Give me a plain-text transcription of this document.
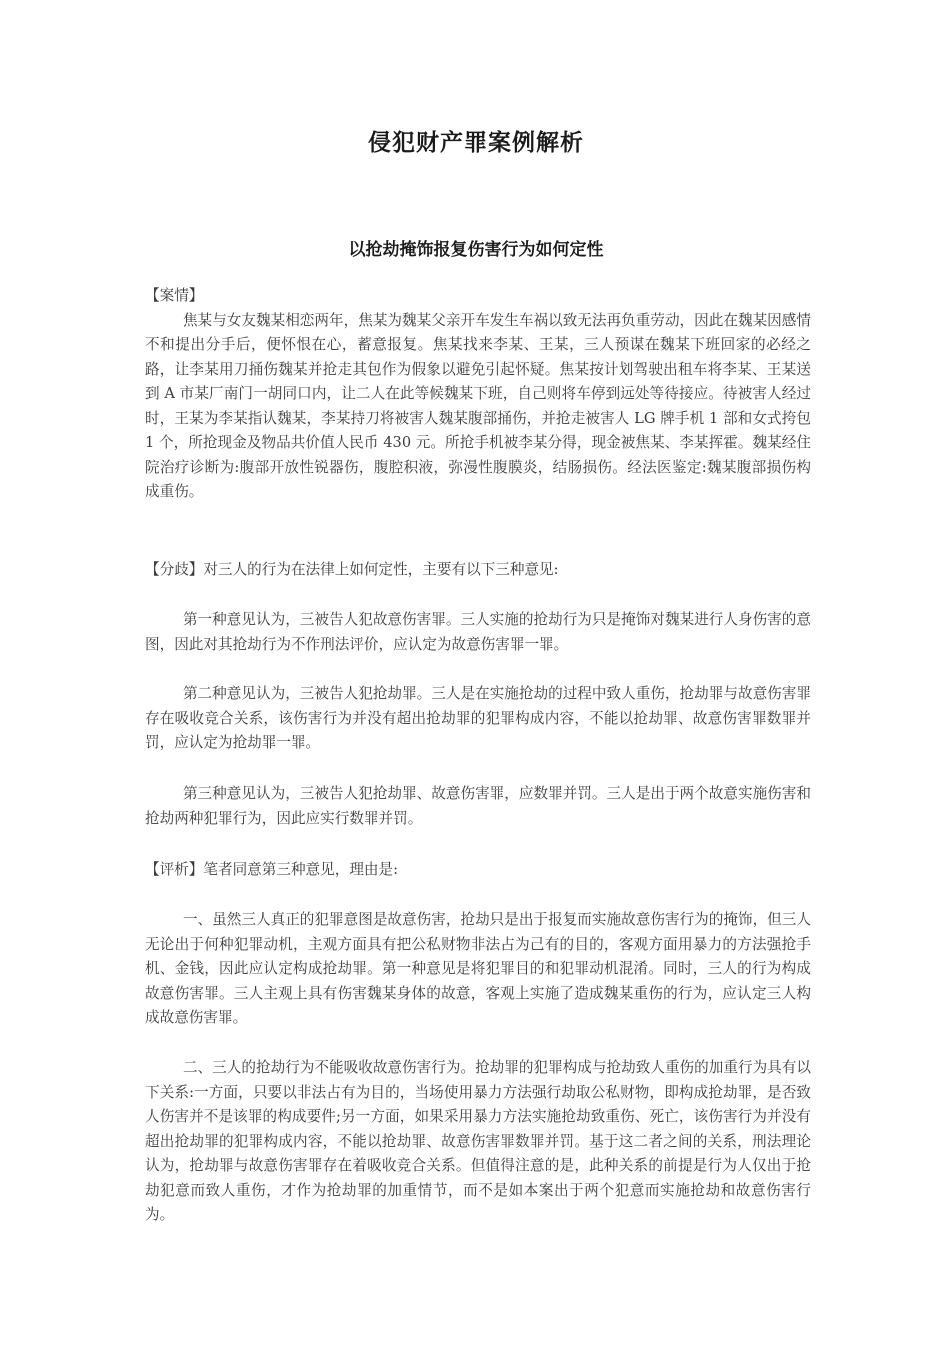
侵犯财产罪案例解析
以抢劫掩饰报复伤害行为如何定性
【案情】
焦某与女友魏某相恋两年，焦某为魏某父亲开车发生车祸以致无法再负重劳动，因此在魏某因感情不和提出分手后，便怀恨在心，蓄意报复。焦某找来李某、王某，三人预谋在魏某下班回家的必经之路，让李某用刀捅伤魏某并抢走其包作为假象以避免引起怀疑。焦某按计划驾驶出租车将李某、王某送到 A 市某厂南门一胡同口内，让二人在此等候魏某下班，自己则将车停到远处等待接应。待被害人经过时，王某为李某指认魏某，李某持刀将被害人魏某腹部捅伤，并抢走被害人 LG 牌手机 1 部和女式挎包 1 个，所抢现金及物品共价值人民币 430 元。所抢手机被李某分得，现金被焦某、李某挥霍。魏某经住院治疗诊断为:腹部开放性锐器伤，腹腔积液，弥漫性腹膜炎，结肠损伤。经法医鉴定:魏某腹部损伤构成重伤。
【分歧】对三人的行为在法律上如何定性，主要有以下三种意见:
第一种意见认为，三被告人犯故意伤害罪。三人实施的抢劫行为只是掩饰对魏某进行人身伤害的意图，因此对其抢劫行为不作刑法评价，应认定为故意伤害罪一罪。
第二种意见认为，三被告人犯抢劫罪。三人是在实施抢劫的过程中致人重伤，抢劫罪与故意伤害罪存在吸收竞合关系，该伤害行为并没有超出抢劫罪的犯罪构成内容，不能以抢劫罪、故意伤害罪数罪并罚，应认定为抢劫罪一罪。
第三种意见认为，三被告人犯抢劫罪、故意伤害罪，应数罪并罚。三人是出于两个故意实施伤害和抢劫两种犯罪行为，因此应实行数罪并罚。
【评析】笔者同意第三种意见，理由是:
一、虽然三人真正的犯罪意图是故意伤害，抢劫只是出于报复而实施故意伤害行为的掩饰，但三人无论出于何种犯罪动机，主观方面具有把公私财物非法占为己有的目的，客观方面用暴力的方法强抢手机、金钱，因此应认定构成抢劫罪。第一种意见是将犯罪目的和犯罪动机混淆。同时，三人的行为构成故意伤害罪。三人主观上具有伤害魏某身体的故意，客观上实施了造成魏某重伤的行为，应认定三人构成故意伤害罪。
二、三人的抢劫行为不能吸收故意伤害行为。抢劫罪的犯罪构成与抢劫致人重伤的加重行为具有以下关系:一方面，只要以非法占有为目的，当场使用暴力方法强行劫取公私财物，即构成抢劫罪，是否致人伤害并不是该罪的构成要件;另一方面，如果采用暴力方法实施抢劫致重伤、死亡，该伤害行为并没有超出抢劫罪的犯罪构成内容，不能以抢劫罪、故意伤害罪数罪并罚。基于这二者之间的关系，刑法理论认为，抢劫罪与故意伤害罪存在着吸收竞合关系。但值得注意的是，此种关系的前提是行为人仅出于抢劫犯意而致人重伤，才作为抢劫罪的加重情节，而不是如本案出于两个犯意而实施抢劫和故意伤害行为。
